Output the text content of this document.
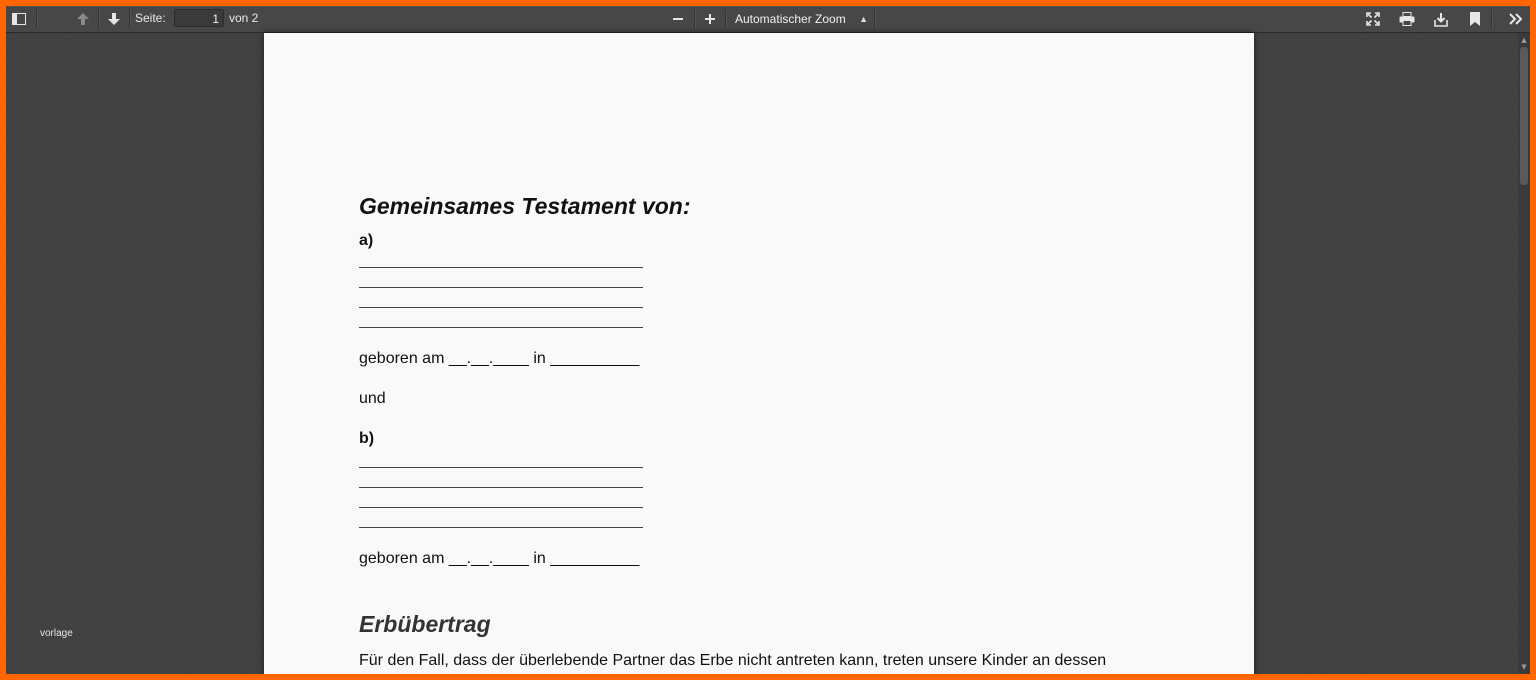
Seite:	1 von 2	Automatischer Zoom ▲

Gemeinsames Testament von:
a)
geboren am __.__.____ in __________
und
b)
geboren am __.__.____ in __________
Erbübertrag
Für den Fall, dass der überlebende Partner das Erbe nicht antreten kann, treten unsere Kinder an dessen
▲
▼
vorlage
